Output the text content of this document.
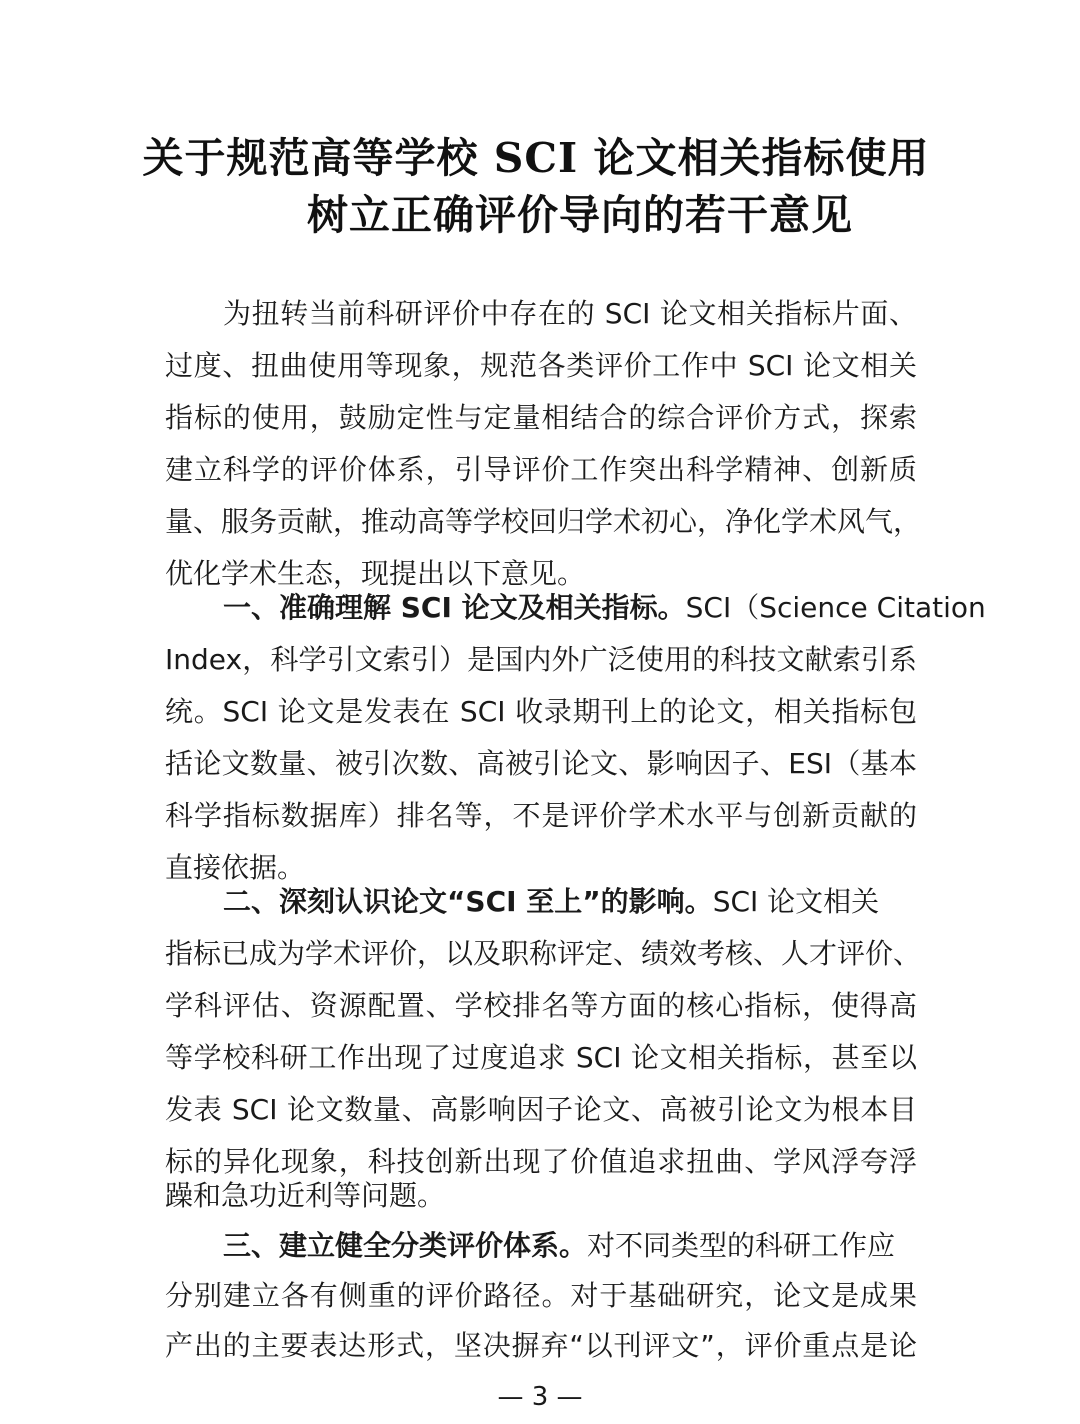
关于规范高等学校 SCI 论文相关指标使用
树立正确评价导向的若干意见
为扭转当前科研评价中存在的 SCI 论文相关指标片面、
过度、扭曲使用等现象，规范各类评价工作中 SCI 论文相关
指标的使用，鼓励定性与定量相结合的综合评价方式，探索
建立科学的评价体系，引导评价工作突出科学精神、创新质
量、服务贡献，推动高等学校回归学术初心，净化学术风气，
优化学术生态，现提出以下意见。
一、准确理解 SCI 论文及相关指标。SCI（Science Citation
Index，科学引文索引）是国内外广泛使用的科技文献索引系
统。SCI 论文是发表在 SCI 收录期刊上的论文，相关指标包
括论文数量、被引次数、高被引论文、影响因子、ESI（基本
科学指标数据库）排名等，不是评价学术水平与创新贡献的
直接依据。
二、深刻认识论文“SCI 至上”的影响。SCI 论文相关
指标已成为学术评价，以及职称评定、绩效考核、人才评价、
学科评估、资源配置、学校排名等方面的核心指标，使得高
等学校科研工作出现了过度追求 SCI 论文相关指标，甚至以
发表 SCI 论文数量、高影响因子论文、高被引论文为根本目
标的异化现象，科技创新出现了价值追求扭曲、学风浮夸浮
躁和急功近利等问题。
三、建立健全分类评价体系。对不同类型的科研工作应
分别建立各有侧重的评价路径。对于基础研究，论文是成果
产出的主要表达形式，坚决摒弃“以刊评文”，评价重点是论
— 3 —
